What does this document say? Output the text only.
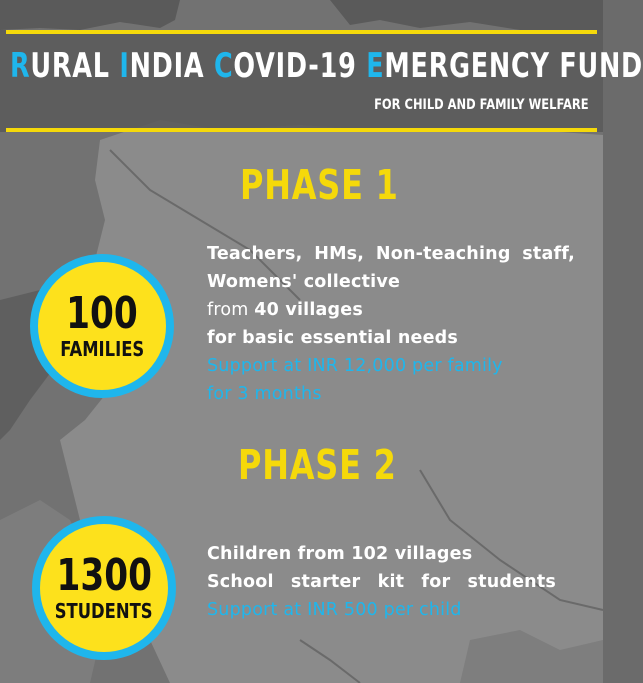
RURAL INDIA COVID-19 EMERGENCY FUND

FOR CHILD AND FAMILY WELFARE

PHASE 1
100
FAMILIES
Teachers, HMs, Non-teaching staff,
Womens' collective
from 40 villages
for basic essential needs
Support at INR 12,000 per family
for 3 months
PHASE 2
1300
STUDENTS
Children from 102 villages
School starter kit for students
Support at INR 500 per child
